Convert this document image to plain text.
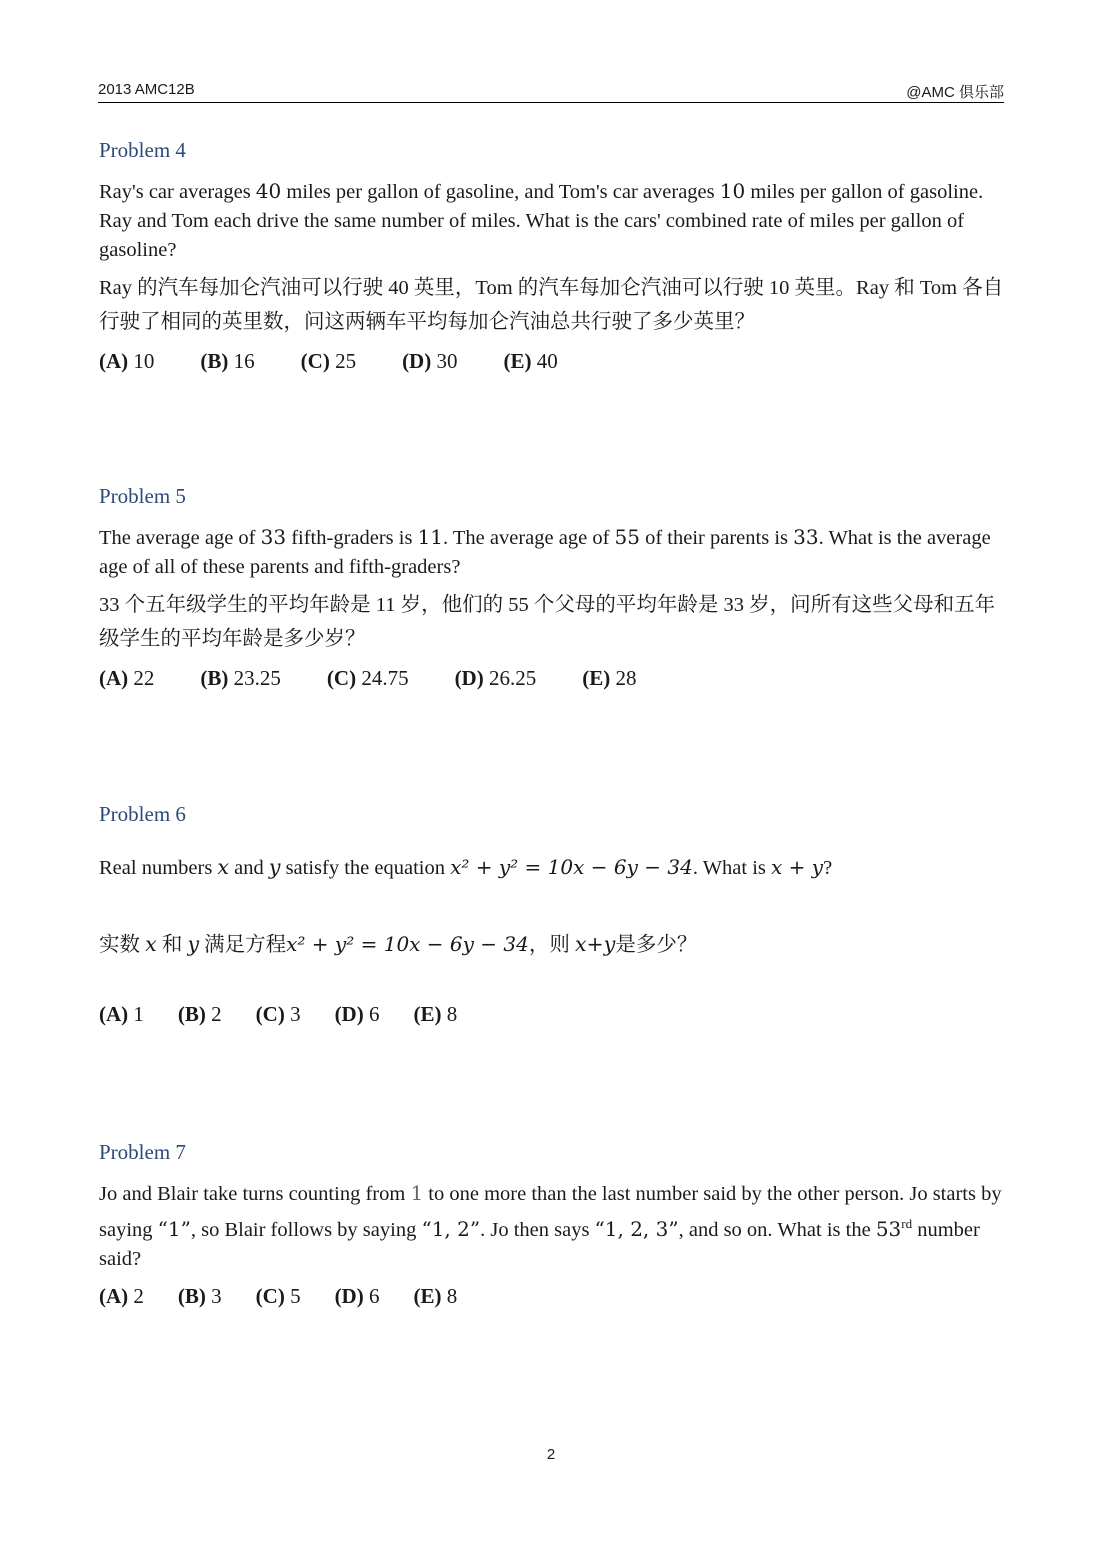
2013 AMC12B	@AMC 俱乐部
Problem 4
Ray's car averages 40 miles per gallon of gasoline, and Tom's car averages 10 miles per gallon of gasoline. Ray and Tom each drive the same number of miles. What is the cars' combined rate of miles per gallon of gasoline?
Ray 的汽车每加仑汽油可以行驶 40 英里，Tom 的汽车每加仑汽油可以行驶 10 英里。Ray 和 Tom 各自行驶了相同的英里数，问这两辆车平均每加仑汽油总共行驶了多少英里？
(A) 10 (B) 16 (C) 25 (D) 30 (E) 40
Problem 5
The average age of 33 fifth-graders is 11. The average age of 55 of their parents is 33. What is the average age of all of these parents and fifth-graders?
33 个五年级学生的平均年龄是 11 岁，他们的 55 个父母的平均年龄是 33 岁，问所有这些父母和五年级学生的平均年龄是多少岁？
(A) 22 (B) 23.25 (C) 24.75 (D) 26.25 (E) 28
Problem 6
Real numbers x and y satisfy the equation x² + y² = 10x − 6y − 34. What is x + y?
实数 x 和 y 满足方程x² + y² = 10x − 6y − 34，则 x+y是多少？
(A) 1 (B) 2 (C) 3 (D) 6 (E) 8
Problem 7
Jo and Blair take turns counting from 1 to one more than the last number said by the other person. Jo starts by saying “1”, so Blair follows by saying “1, 2”. Jo then says “1, 2, 3”, and so on. What is the 53rd number said?
(A) 2 (B) 3 (C) 5 (D) 6 (E) 8
2
